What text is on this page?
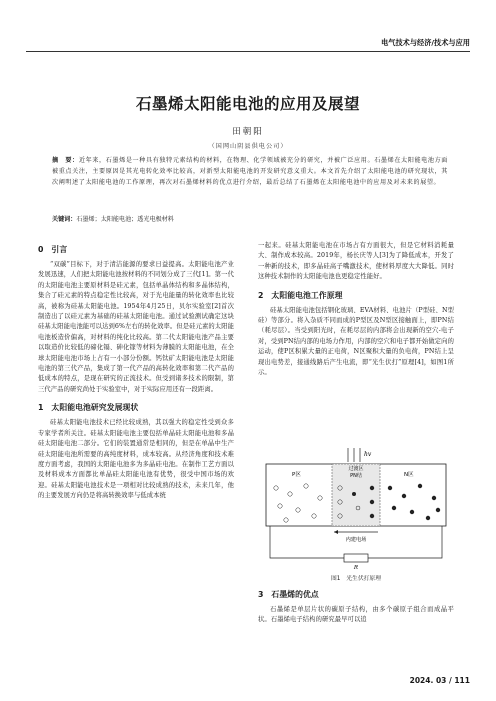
电气技术与经济/技术与应用
石墨烯太阳能电池的应用及展望
田朝阳
（国网山阴县供电公司）
摘　要：近年来，石墨烯是一种具有独特元素结构的材料，在物理、化学领域被充分的研究，并被广泛应用。石墨烯在太阳能电池方面被重点关注，主要原因是其光电转化效率比较高，对新型太阳能电池的开发研究意义重大。本文首先介绍了太阳能电池的研究现状，其次阐明述了太阳能电池的工作原理，再次对石墨烯材料的优点进行介绍，最后总结了石墨烯在太阳能电池中的应用及对未来的展望。
关键词：石墨烯；太阳能电池；透光电极材料
0　引言

“双碳”目标下，对于清洁能源的要求日益提高。太阳能电池产业发展迅速，人们把太阳能电池按材料的不同划分成了三代[1]。第一代的太阳能电池主要原材料是硅元素，包括单晶体结构和多晶体结构，集合了硅元素的特点稳定性比较高，对于光电能量的转化效率也比较高，被称为硅基太阳能电池。1954年4月25日，贝尔实验室[2]首次制造出了以硅元素为基础的硅基太阳能电池。通过试验测试确定这块硅基太阳能电池能可以达到6%左右的转化效率。但是硅元素的太阳能电池板造价偏高，对材料的纯化比较高。第二代太阳能电池产品主要以取造价比较低的碲化镉、砷化镓等材料为薄膜的太阳能电池，在全球太阳能电池市场上占有一小部分份额。钙钛矿太阳能电池是太阳能电池的第三代产品，集成了第一代产品的高转化效率和第二代产品的低成本的特点，是现在研究的正流技术。但受到诸多技术的限制，第三代产品的研究尚处于实验室中，对于实际应用还有一段距离。

1　太阳能电池研究发展现状

硅基太阳能电池技术已经比较成熟，其以强大的稳定性受到众多专家学者所关注。硅基太阳能电池主要包括单晶硅太阳能电池和多晶硅太阳能电池二部分。它们的装置通常是相同的，但是在单晶中生产硅太阳能电池所需要的高纯度材料，成本较高。从经济角度和技术难度方面考虑，我国的太阳能电池多为多晶硅电池。在制作工艺方面以及材料成本方面都比单晶硅太阳能电池有优势，很受中国市场的欢迎。硅基太阳能电池技术是一项相对比较成熟的技术，未来几年，他的主要发展方向仍是将高转换效率与低成本统

一起来。硅基太阳能电池在市场占有方面很大，但是它材料消耗量大、制作成本较高。2019年，杨长庆等人[3]为了降低成本，开发了一种新的技术，即多晶硅高子嘴激技术，使材料厚度大大降低。同时这种技术制作的太阳能电池也更稳定性能好。

2　太阳能电池工作原理

硅基太阳能电池包括钢化玻璃、EVA材料、电池片（P型硅、N型硅）等部分。将入杂质不同而成的P型区及N型区接触面上，即PN结（耗尽层）。当受到阳光时，在耗尽层的内部将会出现新的空穴-电子对，受到PN结内部的电场力作用，内部的空穴和电子都开始做定向的运动，使P区积累大量的正电荷，N区聚积大量的负电荷，PN结上呈现出电势差，接通线路后产生电流，即“光生伏打”原理[4]，如图1所示。

3　石墨烯的优点

石墨烯是单层片状的碳原子结构，由多个碳原子组合而成晶平状。石墨烯电子结构的研究最早可以追

hv
P区	N区
过渡区
PN结
内建电场
R
图1　光生伏打原理
2024. 03 / 111
